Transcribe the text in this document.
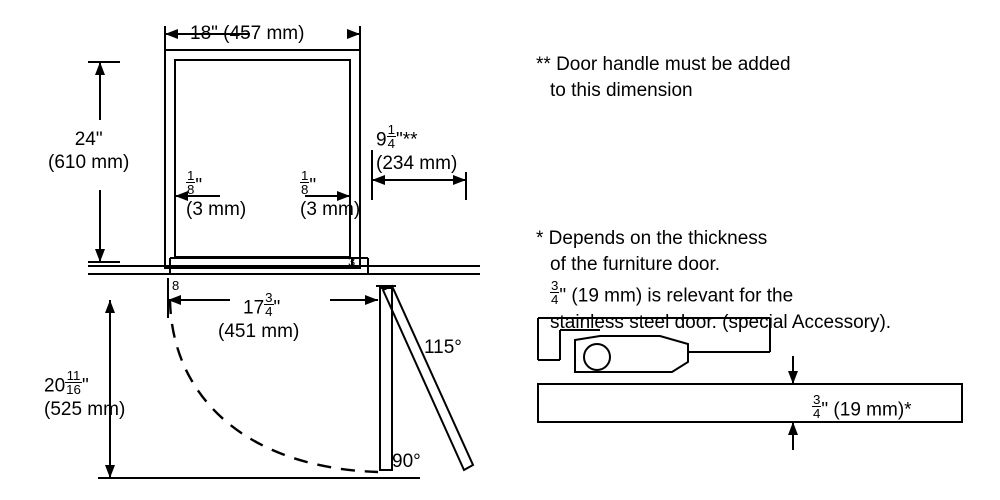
18" (457 mm)
24"
(610 mm)
$9 \frac{1}{4}$ "**
(234 mm)
$\frac{1}{8}$ "
(3 mm)
$\frac{1}{8}$ "
(3 mm)
3
8
$17 \frac{3}{4}$ "
(451 mm)
$20 \frac{11}{16}$ "
(525 mm)
115°
90°
** Door handle must be added
to this dimension
* Depends on the thickness
of the furniture door.
$\frac{3}{4}$ " (19 mm) is relevant for the
stainless steel door. (special Accessory).
$\frac{3}{4}$ " (19 mm)*
